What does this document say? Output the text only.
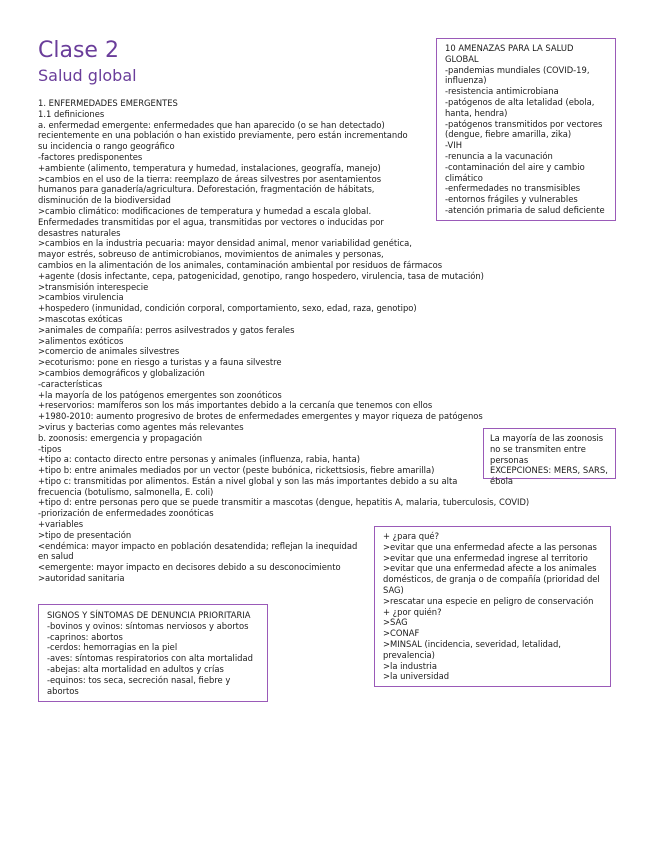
Clase 2
Salud global
1. ENFERMEDADES EMERGENTES
1.1 definiciones
a. enfermedad emergente: enfermedades que han aparecido (o se han detectado)
recientemente en una población o han existido previamente, pero están incrementando
su incidencia o rango geográfico
-factores predisponentes
+ambiente (alimento, temperatura y humedad, instalaciones, geografía, manejo)
>cambios en el uso de la tierra: reemplazo de áreas silvestres por asentamientos
humanos para ganadería/agricultura. Deforestación, fragmentación de hábitats,
disminución de la biodiversidad
>cambio climático: modificaciones de temperatura y humedad a escala global.
Enfermedades transmitidas por el agua, transmitidas por vectores o inducidas por
desastres naturales
>cambios en la industria pecuaria: mayor densidad animal, menor variabilidad genética,
mayor estrés, sobreuso de antimicrobianos, movimientos de animales y personas,
cambios en la alimentación de los animales, contaminación ambiental por residuos de fármacos
+agente (dosis infectante, cepa, patogenicidad, genotipo, rango hospedero, virulencia, tasa de mutación)
>transmisión interespecie
>cambios virulencia
+hospedero (inmunidad, condición corporal, comportamiento, sexo, edad, raza, genotipo)
>mascotas exóticas
>animales de compañía: perros asilvestrados y gatos ferales
>alimentos exóticos
>comercio de animales silvestres
>ecoturismo: pone en riesgo a turistas y a fauna silvestre
>cambios demográficos y globalización
-características
+la mayoría de los patógenos emergentes son zoonóticos
+reservorios: mamíferos son los más importantes debido a la cercanía que tenemos con ellos
+1980-2010: aumento progresivo de brotes de enfermedades emergentes y mayor riqueza de patógenos
>virus y bacterias como agentes más relevantes
b. zoonosis: emergencia y propagación
-tipos
+tipo a: contacto directo entre personas y animales (influenza, rabia, hanta)
+tipo b: entre animales mediados por un vector (peste bubónica, rickettsiosis, fiebre amarilla)
+tipo c: transmitidas por alimentos. Están a nivel global y son las más importantes debido a su alta
frecuencia (botulismo, salmonella, E. coli)
+tipo d: entre personas pero que se puede transmitir a mascotas (dengue, hepatitis A, malaria, tuberculosis, COVID)
-priorización de enfermedades zoonóticas
+variables
>tipo de presentación
<endémica: mayor impacto en población desatendida; reflejan la inequidad
en salud
<emergente: mayor impacto en decisores debido a su desconocimiento
>autoridad sanitaria
10 AMENAZAS PARA LA SALUD GLOBAL
-pandemias mundiales (COVID-19, influenza)
-resistencia antimicrobiana
-patógenos de alta letalidad (ebola, hanta, hendra)
-patógenos transmitidos por vectores (dengue, fiebre amarilla, zika)
-VIH
-renuncia a la vacunación
-contaminación del aire y cambio climático
-enfermedades no transmisibles
-entornos frágiles y vulnerables
-atención primaria de salud deficiente
La mayoría de las zoonosis no se transmiten entre personas
EXCEPCIONES: MERS, SARS, ébola
+ ¿para qué?
>evitar que una enfermedad afecte a las personas
>evitar que una enfermedad ingrese al territorio
>evitar que una enfermedad afecte a los animales domésticos, de granja o de compañía (prioridad del SAG)
>rescatar una especie en peligro de conservación
+ ¿por quién?
>SAG
>CONAF
>MINSAL (incidencia, severidad, letalidad, prevalencia)
>la industria
>la universidad
SIGNOS Y SÍNTOMAS DE DENUNCIA PRIORITARIA
-bovinos y ovinos: síntomas nerviosos y abortos
-caprinos: abortos
-cerdos: hemorragias en la piel
-aves: síntomas respiratorios con alta mortalidad
-abejas: alta mortalidad en adultos y crías
-equinos: tos seca, secreción nasal, fiebre y abortos
